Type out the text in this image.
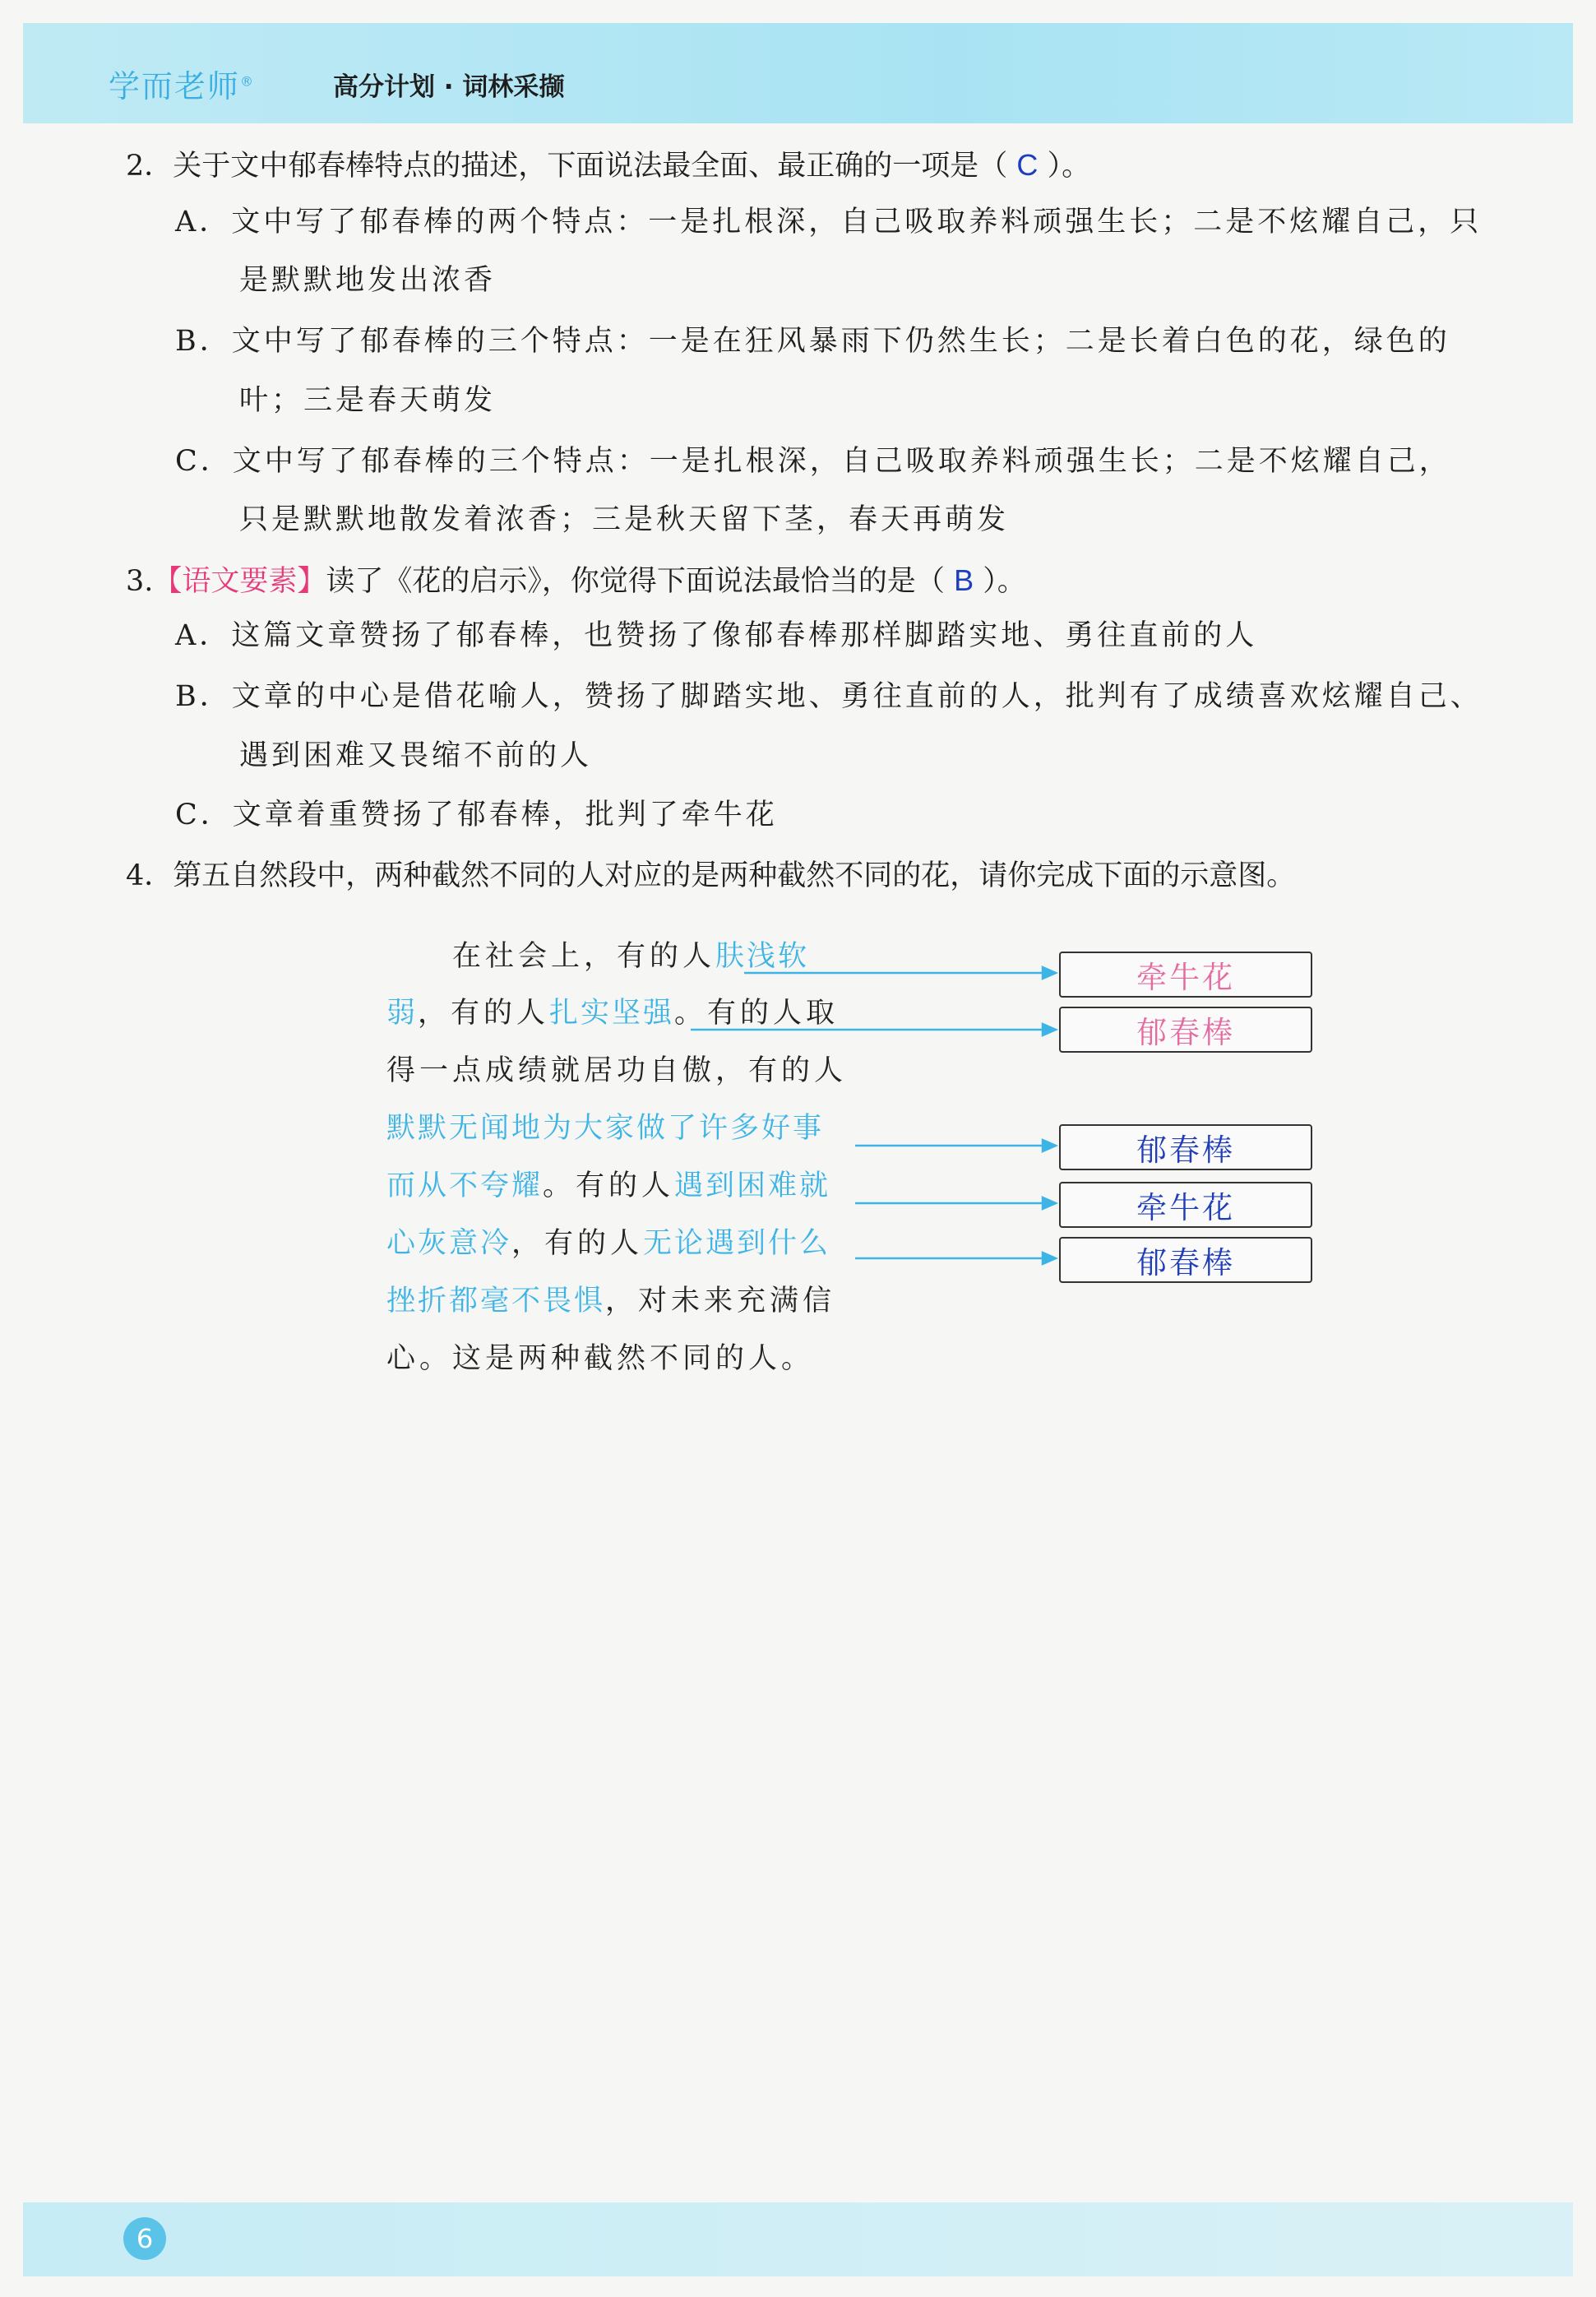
学而老师®	高分计划 · 词林采撷
2．关于文中郁春棒特点的描述，下面说法最全面、最正确的一项是（ C ）。
A．文中写了郁春棒的两个特点：一是扎根深，自己吸取养料顽强生长；二是不炫耀自己，只
是默默地发出浓香
B．文中写了郁春棒的三个特点：一是在狂风暴雨下仍然生长；二是长着白色的花，绿色的
叶；三是春天萌发
C．文中写了郁春棒的三个特点：一是扎根深，自己吸取养料顽强生长；二是不炫耀自己，
只是默默地散发着浓香；三是秋天留下茎，春天再萌发
3.【语文要素】读了《花的启示》，你觉得下面说法最恰当的是（ B ）。
A．这篇文章赞扬了郁春棒，也赞扬了像郁春棒那样脚踏实地、勇往直前的人
B．文章的中心是借花喻人，赞扬了脚踏实地、勇往直前的人，批判有了成绩喜欢炫耀自己、
遇到困难又畏缩不前的人
C．文章着重赞扬了郁春棒，批判了牵牛花
4．第五自然段中，两种截然不同的人对应的是两种截然不同的花，请你完成下面的示意图。
在社会上，有的人肤浅软
弱，有的人扎实坚强。有的人取
得一点成绩就居功自傲，有的人
默默无闻地为大家做了许多好事
而从不夸耀。有的人遇到困难就
心灰意冷，有的人无论遇到什么
挫折都毫不畏惧，对未来充满信
心。这是两种截然不同的人。
牵牛花
郁春棒
郁春棒
牵牛花
郁春棒
6
